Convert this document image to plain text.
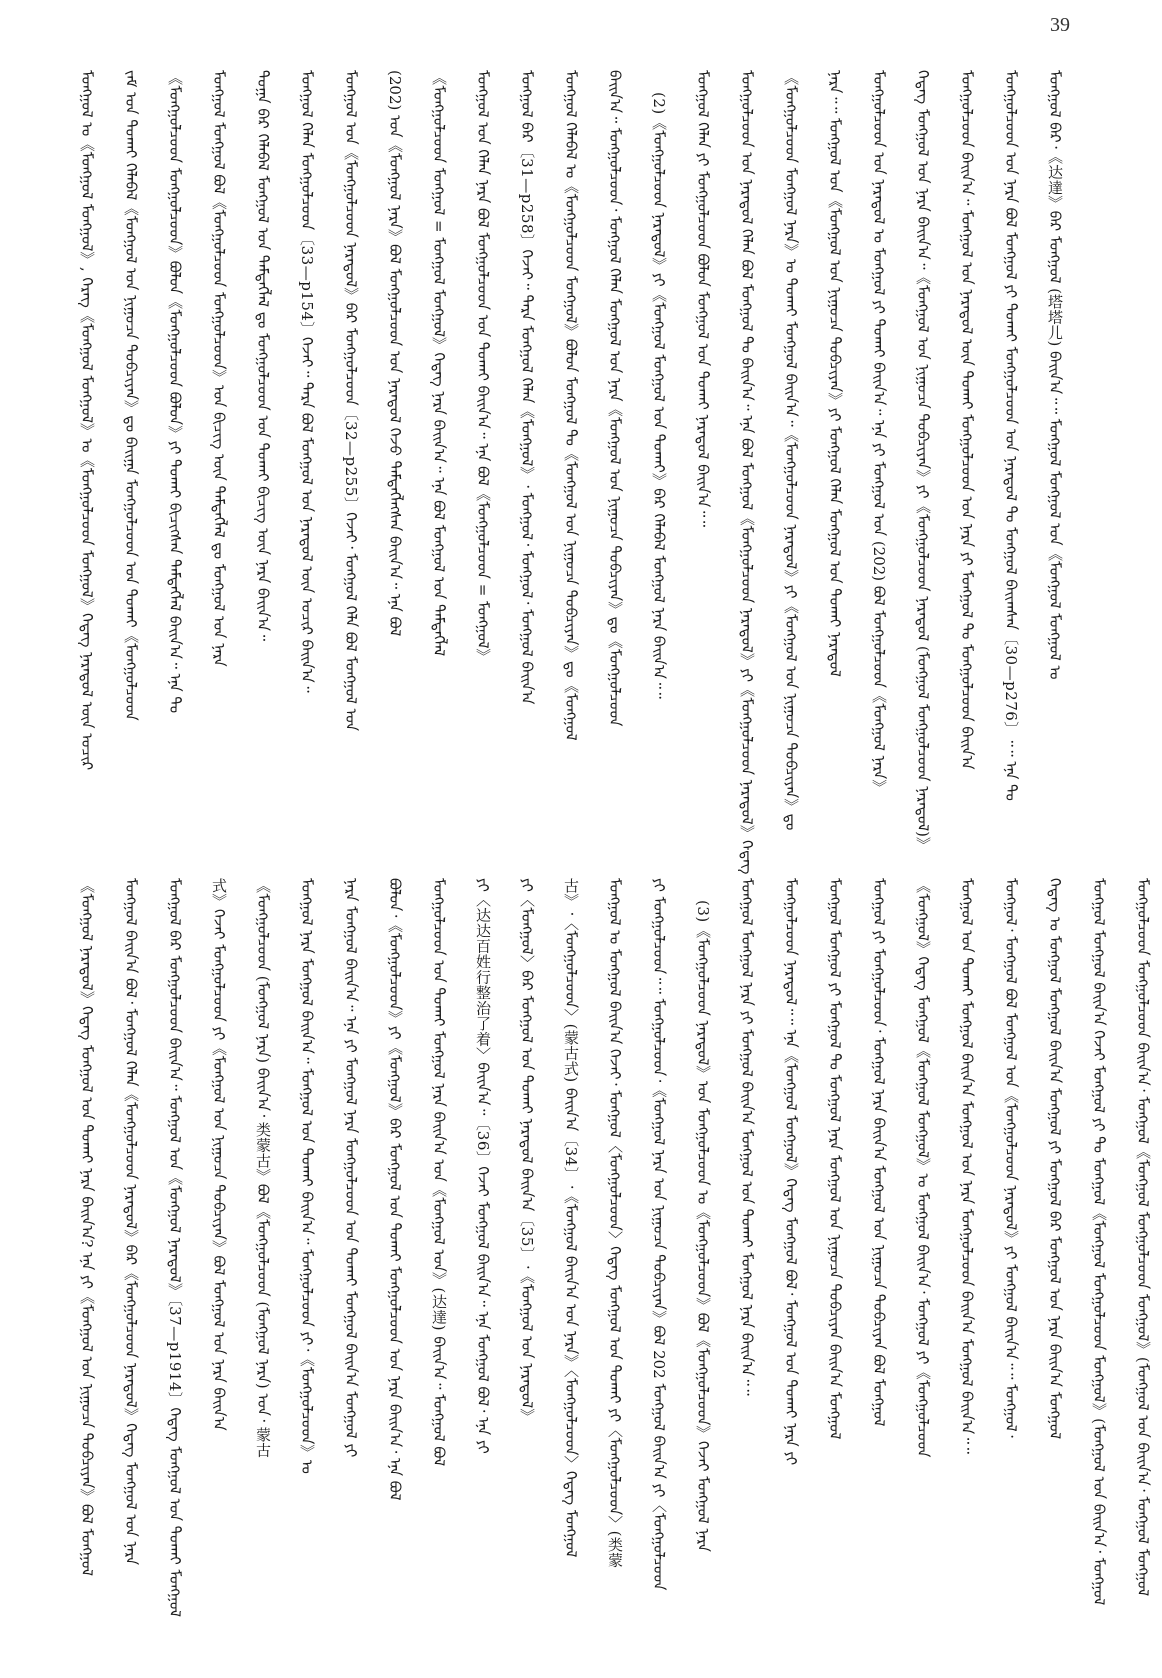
39
ᠮᠣᠩᠭᠣᠯ ᠤ《ᠮᠣᠩᠭᠣᠯ ᠮᠣᠩᠭᠣᠯ》, ᠬᠡᠷᠡᠭ《ᠮᠣᠩᠭᠣᠯ ᠮᠣᠩᠭᠣᠯ》ᠤ《ᠮᠣᠩᠭᠣᠯᠴᠤᠳ ᠮᠣᠩᠭᠣᠯ》ᠭᠡᠳᠡᠭ ᠨᠡᠷᠡᠳᠦᠯ ᠦᠨ ᠤᠴᠢᠷ	ᠵᠠᠮ ᠤᠨ ᠲᠤᠬᠠᠢ ᠬᠡᠯᠡᠪᠡᠯ《ᠮᠣᠩᠭᠣᠯ ᠤᠨ ᠨᠢᠭᠤᠴᠠ ᠲᠣᠪᠴᠢᠶᠠᠨ》ᠳᠤ ᠪᠠᠢᠭᠠ ᠮᠣᠩᠭᠣᠯᠴᠤᠳ ᠤᠨ ᠲᠤᠬᠠᠢ《ᠮᠣᠩᠭᠣᠯᠴᠤᠳ	《ᠮᠣᠩᠭᠣᠯᠴᠤᠳ ᠮᠣᠩᠭᠣᠯᠴᠤᠳ》ᠪᠣᠯᠤᠨ《ᠮᠣᠩᠭᠣᠯᠴᠤᠳ ᠪᠣᠯᠤᠨ》ᠶᠢ ᠲᠤᠬᠠᠢ ᠪᠢᠴᠢᠭᠰᠡᠨ ᠲᠡᠮᠳᠡᠭᠯᠡᠯ ᠪᠠᠢᠨ᠎ᠠ᠃ ᠡᠨᠡ ᠲᠤ	ᠮᠣᠩᠭᠣᠯ ᠮᠣᠩᠭᠣᠯ ᠪᠣᠯ《ᠮᠣᠩᠭᠣᠯᠴᠤᠳ ᠮᠣᠩᠭᠣᠯᠴᠤᠳ》ᠤᠨ ᠪᠢᠴᠢᠭ ᠦᠨ ᠲᠡᠮᠳᠡᠭᠯᠡᠯ ᠳᠤ ᠮᠣᠩᠭᠣᠯ ᠤᠨ ᠨᠡᠷᠡ	ᠲᠣᠭᠠ ᠪᠠᠷ ᠬᠡᠯᠡᠪᠡᠯ ᠮᠣᠩᠭᠣᠯ ᠤᠨ ᠲᠡᠮᠳᠡᠭᠯᠡᠯ ᠳᠤ ᠮᠣᠩᠭᠣᠯᠴᠤᠳ ᠤᠨ ᠲᠤᠬᠠᠢ ᠪᠢᠴᠢᠭ ᠦᠨ ᠨᠡᠷᠡ ᠪᠠᠢᠨ᠎ᠠ᠃	ᠮᠣᠩᠭᠣᠯ ᠬᠡᠯᠡᠨ ᠮᠣᠩᠭᠣᠯᠴᠤᠳ〔33—p154〕ᠭᠡᠵᠡᠢ᠃ ᠲᠡᠷᠡ ᠪᠣᠯ ᠮᠣᠩᠭᠣᠯ ᠤᠨ ᠨᠡᠷᠡᠳᠦᠯ ᠦᠨ ᠤᠴᠢᠷ ᠪᠠᠢᠨ᠎ᠠ᠃	ᠮᠣᠩᠭᠣᠯ ᠤᠨ《ᠮᠣᠩᠭᠣᠯᠴᠤᠳ ᠨᠡᠷᠡᠳᠦᠯ》ᠪᠡᠷ ᠮᠣᠩᠭᠣᠯᠴᠤᠳ〔32—p255〕ᠭᠡᠵᠡᠢ᠂ ᠮᠣᠩᠭᠣᠯ ᠬᠡᠯᠡ ᠪᠣᠯ ᠮᠣᠩᠭᠣᠯ ᠤᠨ	(202) ᠤᠨ《ᠮᠣᠩᠭᠣᠯ ᠨᠡᠷᠡ》ᠪᠣᠯ ᠮᠣᠩᠭᠣᠯᠴᠤᠳ ᠤᠨ ᠨᠡᠷᠡᠳᠦᠯ ᠭᠡᠵᠦ ᠲᠡᠮᠳᠡᠭᠯᠡᠭᠰᠡᠨ ᠪᠠᠢᠨ᠎ᠠ᠃ ᠡᠨᠡ ᠪᠣᠯ	《ᠮᠣᠩᠭᠣᠯᠴᠤᠳ ᠮᠣᠩᠭᠣᠯ = ᠮᠣᠩᠭᠣᠯ ᠮᠣᠩᠭᠣᠯ》ᠭᠡᠳᠡᠭ ᠨᠡᠷᠡ ᠪᠠᠢᠨ᠎ᠠ᠃ ᠡᠨᠡ ᠪᠣᠯ ᠮᠣᠩᠭᠣᠯ ᠤᠨ ᠲᠡᠮᠳᠡᠭᠯᠡᠯ	ᠮᠣᠩᠭᠣᠯ ᠤᠨ ᠬᠡᠯᠡᠨ ᠨᠡᠷᠡ ᠪᠣᠯ ᠮᠣᠩᠭᠣᠯᠴᠤᠳ ᠤᠨ ᠲᠤᠬᠠᠢ ᠪᠠᠢᠨ᠎ᠠ᠃ ᠡᠨᠡ ᠪᠣᠯ《ᠮᠣᠩᠭᠣᠯᠴᠤᠳ = ᠮᠣᠩᠭᠣᠯ》	ᠮᠣᠩᠭᠣᠯ ᠪᠠᠷ〔31—p258〕ᠭᠡᠵᠡᠢ᠃ ᠲᠡᠷᠡ ᠮᠣᠩᠭᠣᠯ ᠬᠡᠯᠡᠨ《ᠮᠣᠩᠭᠣᠯ》᠂ ᠮᠣᠩᠭᠣᠯ᠂ ᠮᠣᠩᠭᠣᠯ᠂ ᠮᠣᠩᠭᠣᠯ ᠪᠠᠢᠨ᠎ᠠ	ᠮᠣᠩᠭᠣᠯ ᠬᠡᠯᠡᠪᠡᠯ ᠤ《ᠮᠣᠩᠭᠣᠯᠴᠤᠳ ᠮᠣᠩᠭᠣᠯ》ᠪᠣᠯᠤᠨ ᠮᠣᠩᠭᠣᠯ ᠲᠤ《ᠮᠣᠩᠭᠣᠯ ᠤᠨ ᠨᠢᠭᠤᠴᠠ ᠲᠣᠪᠴᠢᠶᠠᠨ》ᠳᠤ《ᠮᠣᠩᠭᠣᠯ	ᠪᠠᠢᠨ᠎ᠠ᠃ ᠮᠣᠩᠭᠣᠯᠴᠤᠳ᠂ ᠮᠣᠩᠭᠣᠯ ᠬᠡᠯᠡᠨ ᠮᠣᠩᠭᠣᠯ ᠤᠨ ᠨᠡᠷᠡ《ᠮᠣᠩᠭᠣᠯ ᠤᠨ ᠨᠢᠭᠤᠴᠠ ᠲᠣᠪᠴᠢᠶᠠᠨ》ᠳᠤ《ᠮᠣᠩᠭᠣᠯᠴᠤᠳ	(2)《ᠮᠣᠩᠭᠣᠯᠴᠤᠳ ᠨᠡᠷᠡᠳᠦᠯ》ᠶᠢ《ᠮᠣᠩᠭᠣᠯ ᠮᠣᠩᠭᠣᠯ ᠤᠨ ᠲᠤᠬᠠᠢ》ᠪᠠᠷ ᠬᠡᠯᠡᠪᠡᠯ ᠮᠣᠩᠭᠣᠯ ᠨᠡᠷᠡ ᠪᠠᠢᠨ᠎ᠠ᠃᠃	ᠮᠣᠩᠭᠣᠯ ᠬᠡᠯᠡᠨ ᠶᠢ ᠮᠣᠩᠭᠣᠯᠴᠤᠳ ᠪᠣᠯᠤᠨ ᠮᠣᠩᠭᠣᠯ ᠤᠨ ᠲᠤᠬᠠᠢ ᠨᠡᠷᠡᠳᠦᠯ ᠪᠠᠢᠨ᠎ᠠ᠃᠃	ᠮᠣᠩᠭᠣᠯᠴᠤᠳ ᠤᠨ ᠨᠡᠷᠡᠳᠦᠯ ᠬᠡᠯᠡᠨ ᠪᠣᠯ ᠮᠣᠩᠭᠣᠯ ᠲᠤ ᠪᠠᠢᠨ᠎ᠠ᠃ ᠡᠨᠡ ᠪᠣᠯ ᠮᠣᠩᠭᠣᠯ《ᠮᠣᠩᠭᠣᠯᠴᠤᠳ ᠨᠡᠷᠡᠳᠦᠯ》ᠶᠢ《ᠮᠣᠩᠭᠣᠯᠴᠤᠳ ᠨᠡᠷᠡᠳᠦᠯ》ᠭᠡᠳᠡᠭ	《ᠮᠣᠩᠭᠣᠯᠴᠤᠳ ᠮᠣᠩᠭᠣᠯ ᠨᠡᠷᠡ》ᠤ ᠲᠤᠬᠠᠢ ᠮᠣᠩᠭᠣᠯ ᠪᠠᠢᠨ᠎ᠠ᠃《ᠮᠣᠩᠭᠣᠯᠴᠤᠳ ᠨᠡᠷᠡᠳᠦᠯ》ᠶᠢ《ᠮᠣᠩᠭᠣᠯ ᠤᠨ ᠨᠢᠭᠤᠴᠠ ᠲᠣᠪᠴᠢᠶᠠᠨ》ᠳᠤ	ᠨᠡᠷᠡ᠃᠃ ᠮᠣᠩᠭᠣᠯ ᠤᠨ《ᠮᠣᠩᠭᠣᠯ ᠤᠨ ᠨᠢᠭᠤᠴᠠ ᠲᠣᠪᠴᠢᠶᠠᠨ》ᠶᠢ ᠮᠣᠩᠭᠣᠯ ᠬᠡᠯᠡᠨ ᠮᠣᠩᠭᠣᠯ ᠤᠨ ᠲᠤᠬᠠᠢ ᠨᠡᠷᠡᠳᠦᠯ	ᠮᠣᠩᠭᠣᠯᠴᠤᠳ ᠤᠨ ᠨᠡᠷᠡᠳᠦᠯ ᠤ ᠮᠣᠩᠭᠣᠯ ᠶᠢ ᠲᠤᠬᠠᠢ ᠪᠠᠢᠨ᠎ᠠ᠃ ᠡᠨᠡ ᠶᠢ ᠮᠣᠩᠭᠣᠯ ᠤᠨ (202) ᠪᠣᠯ ᠮᠣᠩᠭᠣᠯᠴᠤᠳ《ᠮᠣᠩᠭᠣᠯ ᠨᠡᠷᠡ》	ᠭᠡᠳᠡᠭ ᠮᠣᠩᠭᠣᠯ ᠤᠨ ᠨᠡᠷᠡ ᠪᠠᠢᠨ᠎ᠠ᠃《ᠮᠣᠩᠭᠣᠯ ᠤᠨ ᠨᠢᠭᠤᠴᠠ ᠲᠣᠪᠴᠢᠶᠠᠨ》ᠶᠢ《ᠮᠣᠩᠭᠣᠯᠴᠤᠳ ᠨᠡᠷᠡᠳᠦᠯ (ᠮᠣᠩᠭᠣᠯ ᠮᠣᠩᠭᠣᠯᠴᠤᠳ ᠨᠡᠷᠡᠳᠦᠯ)》	ᠮᠣᠩᠭᠣᠯᠴᠤᠳ ᠪᠠᠢᠨ᠎ᠠ᠃ ᠮᠣᠩᠭᠣᠯ ᠤᠨ ᠨᠡᠷᠡᠳᠦᠯ ᠦᠨ ᠲᠤᠬᠠᠢ ᠮᠣᠩᠭᠣᠯᠴᠤᠳ ᠤᠨ ᠨᠡᠷᠡ ᠶᠢ ᠮᠣᠩᠭᠣᠯ ᠲᠤ ᠮᠣᠩᠭᠣᠯᠴᠤᠳ ᠪᠠᠢᠨ᠎ᠠ	ᠮᠣᠩᠭᠣᠯᠴᠤᠳ ᠤᠨ ᠨᠡᠷᠡ ᠪᠣᠯ ᠮᠣᠩᠭᠣᠯ ᠶᠢ ᠲᠤᠬᠠᠢ ᠮᠣᠩᠭᠣᠯᠴᠤᠳ ᠤᠨ ᠨᠡᠷᠡᠳᠦᠯ ᠲᠤ ᠮᠣᠩᠭᠣᠯ ᠪᠠᠢᠭᠰᠠᠨ〔30—p276〕᠃᠃ ᠡᠨᠡ ᠲᠤ	ᠮᠣᠩᠭᠣᠯ ᠪᠠᠷ᠂《达達》ᠪᠠᠷ ᠮᠣᠩᠭᠣᠯ (塔塔儿) ᠪᠠᠢᠨ᠎ᠠ᠃᠃ ᠮᠣᠩᠭᠣᠯ ᠮᠣᠩᠭᠣᠯ ᠤᠨ《ᠮᠣᠩᠭᠣᠯ ᠮᠣᠩᠭᠣᠯ ᠤ
《ᠮᠣᠩᠭᠣᠯ ᠨᠡᠷᠡᠳᠦᠯ》ᠭᠡᠳᠡᠭ ᠮᠣᠩᠭᠣᠯ ᠤᠨ ᠲᠤᠬᠠᠢ ᠨᠡᠷᠡ ᠪᠠᠢᠨ᠎ᠠ? ᠡᠨᠡ ᠶᠢ《ᠮᠣᠩᠭᠣᠯ ᠤᠨ ᠨᠢᠭᠤᠴᠠ ᠲᠣᠪᠴᠢᠶᠠᠨ》ᠪᠣᠯ ᠮᠣᠩᠭᠣᠯ	ᠮᠣᠩᠭᠣᠯ ᠪᠠᠢᠨ᠎ᠠ ᠪᠣᠯ᠂ ᠮᠣᠩᠭᠣᠯ ᠬᠡᠯᠡᠨ《ᠮᠣᠩᠭᠣᠯᠴᠤᠳ ᠨᠡᠷᠡᠳᠦᠯ》ᠪᠠᠷ《ᠮᠣᠩᠭᠣᠯᠴᠤᠳ ᠨᠡᠷᠡᠳᠦᠯ》ᠭᠡᠳᠡᠭ ᠮᠣᠩᠭᠣᠯ ᠤᠨ ᠨᠡᠷᠡ	ᠮᠣᠩᠭᠣᠯ ᠪᠠᠷ ᠮᠣᠩᠭᠣᠯᠴᠤᠳ ᠪᠠᠢᠨ᠎ᠠ᠃ ᠮᠣᠩᠭᠣᠯ ᠤᠨ《ᠮᠣᠩᠭᠣᠯ ᠨᠡᠷᠡᠳᠦᠯ》〔37—p1914〕ᠭᠡᠳᠡᠭ ᠮᠣᠩᠭᠣᠯ ᠤᠨ ᠲᠤᠬᠠᠢ ᠮᠣᠩᠭᠣᠯ	式》ᠭᠡᠵᠡᠢ ᠮᠣᠩᠭᠣᠯᠴᠤᠳ ᠶᠢ《ᠮᠣᠩᠭᠣᠯ ᠤᠨ ᠨᠢᠭᠤᠴᠠ ᠲᠣᠪᠴᠢᠶᠠᠨ》ᠪᠣᠯ ᠮᠣᠩᠭᠣᠯ ᠤᠨ ᠨᠡᠷᠡ ᠪᠠᠢᠨ᠎ᠠ	《ᠮᠣᠩᠭᠣᠯᠴᠤᠳ (ᠮᠣᠩᠭᠣᠯ ᠨᠡᠷᠡ) ᠪᠠᠢᠨ᠎ᠠ᠂ 类蒙古》ᠪᠣᠯ《ᠮᠣᠩᠭᠣᠯᠴᠤᠳ (ᠮᠣᠩᠭᠣᠯ ᠨᠡᠷᠡ) ᠤᠨ᠂ 蒙古	ᠮᠣᠩᠭᠣᠯ ᠨᠡᠷᠡ ᠮᠣᠩᠭᠣᠯ ᠪᠠᠢᠨ᠎ᠠ᠃ ᠮᠣᠩᠭᠣᠯ ᠤᠨ ᠲᠤᠬᠠᠢ ᠪᠠᠢᠨ᠎ᠠ᠃ ᠮᠣᠩᠭᠣᠯᠴᠤᠳ ᠶᠢ᠂《ᠮᠣᠩᠭᠣᠯᠴᠤᠳ》ᠤ	ᠨᠡᠷᠡ ᠮᠣᠩᠭᠣᠯ ᠪᠠᠢᠨ᠎ᠠ᠃ ᠡᠨᠡ ᠶᠢ ᠮᠣᠩᠭᠣᠯ ᠨᠡᠷᠡ ᠮᠣᠩᠭᠣᠯᠴᠤᠳ ᠤᠨ ᠲᠤᠬᠠᠢ ᠮᠣᠩᠭᠣᠯ ᠪᠠᠢᠨ᠎ᠠ ᠮᠣᠩᠭᠣᠯ ᠶᠢ	ᠪᠣᠯᠤᠨ᠂《ᠮᠣᠩᠭᠣᠯᠴᠤᠳ》ᠶᠢ《ᠮᠣᠩᠭᠣᠯ》ᠪᠠᠷ ᠮᠣᠩᠭᠣᠯ ᠤᠨ ᠲᠤᠬᠠᠢ ᠮᠣᠩᠭᠣᠯᠴᠤᠳ ᠤᠨ ᠨᠡᠷᠡ ᠪᠠᠢᠨ᠎ᠠ᠂ ᠡᠨᠡ ᠪᠣᠯ	ᠮᠣᠩᠭᠣᠯᠴᠤᠳ ᠤᠨ ᠲᠤᠬᠠᠢ ᠮᠣᠩᠭᠣᠯ ᠨᠡᠷᠡ ᠪᠠᠢᠨ᠎ᠠ ᠤᠨ《ᠮᠣᠩᠭᠣᠯ ᠤᠨ》(达達) ᠪᠠᠢᠨ᠎ᠠ᠃ ᠮᠣᠩᠭᠣᠯ ᠪᠣᠯ	ᠶᠢ〈达达百姓行整治了着〉ᠪᠠᠢᠨ᠎ᠠ᠃〔36〕ᠭᠡᠵᠡᠢ ᠮᠣᠩᠭᠣᠯ ᠪᠠᠢᠨ᠎ᠠ᠃ ᠡᠨᠡ ᠮᠣᠩᠭᠣᠯ ᠪᠣᠯ᠂ ᠡᠨᠡ ᠶᠢ	ᠶᠢ〈ᠮᠣᠩᠭᠣᠯ〉ᠪᠠᠷ ᠮᠣᠩᠭᠣᠯ ᠤᠨ ᠲᠤᠬᠠᠢ ᠨᠡᠷᠡᠳᠦᠯ ᠪᠠᠢᠨ᠎ᠠ〔35〕᠂《ᠮᠣᠩᠭᠣᠯ ᠤᠨ ᠨᠡᠷᠡᠳᠦᠯ》	古》᠂〈ᠮᠣᠩᠭᠣᠯᠴᠤᠳ〉(蒙古式) ᠪᠠᠢᠨ᠎ᠠ〔34〕᠂《ᠮᠣᠩᠭᠣᠯ ᠪᠠᠢᠨ᠎ᠠ ᠤᠨ ᠨᠡᠷᠡ》〈ᠮᠣᠩᠭᠣᠯᠴᠤᠳ〉ᠭᠡᠳᠡᠭ ᠮᠣᠩᠭᠣᠯ	ᠮᠣᠩᠭᠣᠯ ᠤ ᠮᠣᠩᠭᠣᠯ ᠪᠠᠢᠨ᠎ᠠ ᠭᠡᠵᠡᠢ᠂ ᠮᠣᠩᠭᠣᠯ〈ᠮᠣᠩᠭᠣᠯᠴᠤᠳ〉ᠭᠡᠳᠡᠭ ᠮᠣᠩᠭᠣᠯ ᠤᠨ ᠲᠤᠬᠠᠢ ᠶᠢ〈ᠮᠣᠩᠭᠣᠯᠴᠤᠳ〉(类蒙	ᠶᠢ ᠮᠣᠩᠭᠣᠯᠴᠤᠳ᠃᠃ ᠮᠣᠩᠭᠣᠯᠴᠤᠳ᠂《ᠮᠣᠩᠭᠣᠯ ᠨᠡᠷᠡ ᠤᠨ ᠨᠢᠭᠤᠴᠠ ᠲᠣᠪᠴᠢᠶᠠᠨ》ᠪᠣᠯ 202 ᠮᠣᠩᠭᠣᠯ ᠪᠠᠢᠨ᠎ᠠ ᠶᠢ〈ᠮᠣᠩᠭᠣᠯᠴᠤᠳ	(3)《ᠮᠣᠩᠭᠣᠯᠴᠤᠳ ᠨᠡᠷᠡᠳᠦᠯ》ᠤᠨ ᠮᠣᠩᠭᠣᠯᠴᠤᠳ ᠤ《ᠮᠣᠩᠭᠣᠯᠴᠤᠳ》ᠪᠣᠯ《ᠮᠣᠩᠭᠣᠯᠴᠤᠳ》ᠭᠡᠵᠡᠢ ᠮᠣᠩᠭᠣᠯ ᠨᠡᠷᠡ	ᠮᠣᠩᠭᠣᠯ ᠮᠣᠩᠭᠣᠯ ᠨᠡᠷᠡ ᠶᠢ ᠮᠣᠩᠭᠣᠯ ᠪᠠᠢᠨ᠎ᠠ ᠮᠣᠩᠭᠣᠯ ᠤᠨ ᠲᠤᠬᠠᠢ ᠮᠣᠩᠭᠣᠯ ᠨᠡᠷᠡ ᠪᠠᠢᠨ᠎ᠠ᠃᠃	ᠮᠣᠩᠭᠣᠯᠴᠤᠳ ᠨᠡᠷᠡᠳᠦᠯ᠃᠃ ᠡᠨᠡ《ᠮᠣᠩᠭᠣᠯ ᠮᠣᠩᠭᠣᠯ》ᠭᠡᠳᠡᠭ ᠮᠣᠩᠭᠣᠯ ᠪᠣᠯ᠂ ᠮᠣᠩᠭᠣᠯ ᠤᠨ ᠲᠤᠬᠠᠢ ᠨᠡᠷᠡ ᠶᠢ	ᠮᠣᠩᠭᠣᠯ ᠮᠣᠩᠭᠣᠯ ᠶᠢ ᠮᠣᠩᠭᠣᠯ ᠲᠤ ᠮᠣᠩᠭᠣᠯ ᠨᠡᠷᠡ ᠮᠣᠩᠭᠣᠯ ᠤᠨ ᠨᠢᠭᠤᠴᠠ ᠲᠣᠪᠴᠢᠶᠠᠨ ᠪᠠᠢᠨ᠎ᠠ ᠮᠣᠩᠭᠣᠯ	ᠮᠣᠩᠭᠣᠯ ᠶᠢ ᠮᠣᠩᠭᠣᠯᠴᠤᠳ᠂ ᠮᠣᠩᠭᠣᠯ ᠨᠡᠷᠡ ᠪᠠᠢᠨ᠎ᠠ ᠮᠣᠩᠭᠣᠯ ᠤᠨ ᠨᠢᠭᠤᠴᠠ ᠲᠣᠪᠴᠢᠶᠠᠨ ᠪᠣᠯ ᠮᠣᠩᠭᠣᠯ	《ᠮᠣᠩᠭᠣᠯ》ᠭᠡᠳᠡᠭ ᠮᠣᠩᠭᠣᠯ《ᠮᠣᠩᠭᠣᠯ ᠮᠣᠩᠭᠣᠯ》ᠤ ᠮᠣᠩᠭᠣᠯ ᠪᠠᠢᠨ᠎ᠠ᠂ ᠮᠣᠩᠭᠣᠯ ᠶᠢ《ᠮᠣᠩᠭᠣᠯᠴᠤᠳ	ᠮᠣᠩᠭᠣᠯ ᠤᠨ ᠲᠤᠬᠠᠢ ᠮᠣᠩᠭᠣᠯ ᠪᠠᠢᠨ᠎ᠠ ᠮᠣᠩᠭᠣᠯ ᠤᠨ ᠨᠡᠷᠡ ᠮᠣᠩᠭᠣᠯᠴᠤᠳ ᠪᠠᠢᠨ᠎ᠠ ᠮᠣᠩᠭᠣᠯ ᠪᠠᠢᠨ᠎ᠠ᠃᠃	ᠮᠣᠩᠭᠣᠯ᠂ ᠮᠣᠩᠭᠣᠯ ᠪᠣᠯ ᠮᠣᠩᠭᠣᠯ ᠤᠨ《ᠮᠣᠩᠭᠣᠯᠴᠤᠳ ᠨᠡᠷᠡᠳᠦᠯ》ᠶᠢ ᠮᠣᠩᠭᠣᠯ ᠪᠠᠢᠨ᠎ᠠ᠃᠃ ᠮᠣᠩᠭᠣᠯ᠂	ᠭᠡᠳᠡᠭ ᠤ ᠮᠣᠩᠭᠣᠯ ᠮᠣᠩᠭᠣᠯ ᠪᠠᠢᠨ᠎ᠠ ᠮᠣᠩᠭᠣᠯ ᠶᠢ ᠮᠣᠩᠭᠣᠯ ᠪᠠᠷ ᠮᠣᠩᠭᠣᠯ ᠤᠨ ᠨᠡᠷᠡ ᠪᠠᠢᠨ᠎ᠠ ᠮᠣᠩᠭᠣᠯ	ᠮᠣᠩᠭᠣᠯ ᠮᠣᠩᠭᠣᠯ ᠪᠠᠢᠨ᠎ᠠ ᠭᠡᠵᠡᠢ ᠮᠣᠩᠭᠣᠯ ᠶᠢ ᠲᠤ ᠮᠣᠩᠭᠣᠯ《ᠮᠣᠩᠭᠣᠯ ᠮᠣᠩᠭᠣᠯᠴᠤᠳ ᠮᠣᠩᠭᠣᠯ》(ᠮᠣᠩᠭᠣᠯ ᠤᠨ ᠪᠠᠢᠨ᠎ᠠ᠂ ᠮᠣᠩᠭᠣᠯ	ᠮᠣᠩᠭᠣᠯᠴᠤᠳ ᠮᠣᠩᠭᠣᠯᠴᠤᠳ ᠪᠠᠢᠨ᠎ᠠ᠂ ᠮᠣᠩᠭᠣᠯ《ᠮᠣᠩᠭᠣᠯ ᠮᠣᠩᠭᠣᠯᠴᠤᠳ ᠮᠣᠩᠭᠣᠯ》(ᠮᠣᠩᠭᠣᠯ ᠤᠨ ᠪᠠᠢᠨ᠎ᠠ᠂ ᠮᠣᠩᠭᠣᠯ ᠮᠣᠩᠭᠣᠯ
